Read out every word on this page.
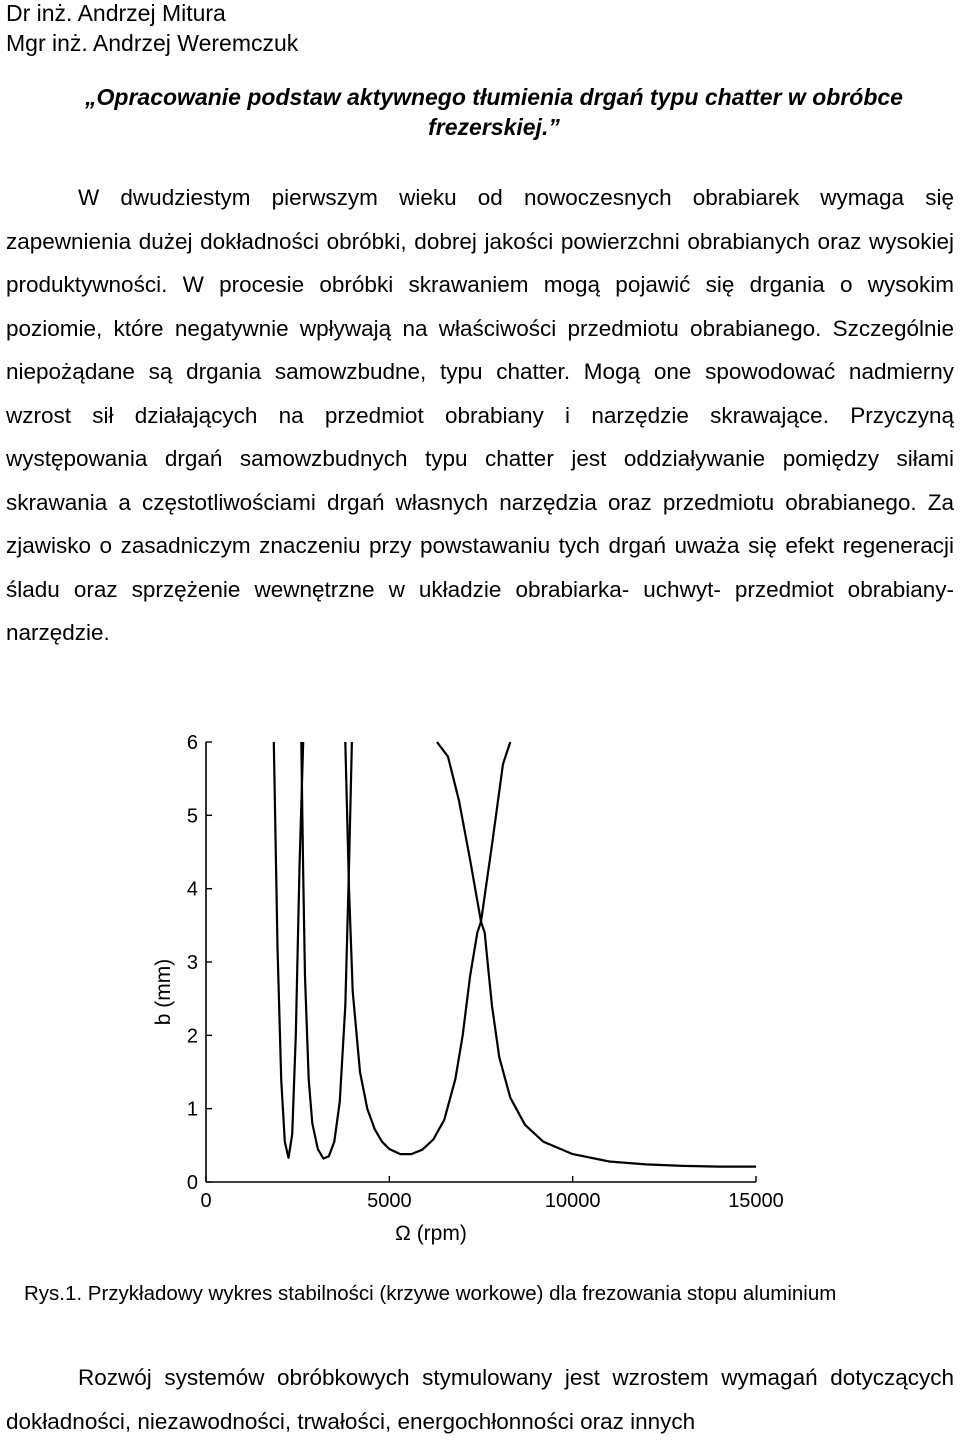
Dr inż. Andrzej Mitura
Mgr inż. Andrzej Weremczuk
„Opracowanie podstaw aktywnego tłumienia drgań typu chatter w obróbce frezerskiej.”
W dwudziestym pierwszym wieku od nowoczesnych obrabiarek wymaga się zapewnienia dużej dokładności obróbki, dobrej jakości powierzchni obrabianych oraz wysokiej produktywności. W procesie obróbki skrawaniem mogą pojawić się drgania o wysokim poziomie, które negatywnie wpływają na właściwości przedmiotu obrabianego. Szczególnie niepożądane są drgania samowzbudne, typu chatter. Mogą one spowodować nadmierny wzrost sił działających na przedmiot obrabiany i narzędzie skrawające. Przyczyną występowania drgań samowzbudnych typu chatter jest oddziaływanie pomiędzy siłami skrawania a częstotliwościami drgań własnych narzędzia oraz przedmiotu obrabianego. Za zjawisko o zasadniczym znaczeniu przy powstawaniu tych drgań uważa się efekt regeneracji śladu oraz sprzężenie wewnętrzne w układzie obrabiarka- uchwyt- przedmiot obrabiany- narzędzie.
0	5000	10000	15000
0
1
2
3
4
5
6
Ω (rpm)
b (mm)
Rys.1. Przykładowy wykres stabilności (krzywe workowe) dla frezowania stopu aluminium
Rozwój systemów obróbkowych stymulowany jest wzrostem wymagań dotyczących dokładności, niezawodności, trwałości, energochłonności oraz innych
